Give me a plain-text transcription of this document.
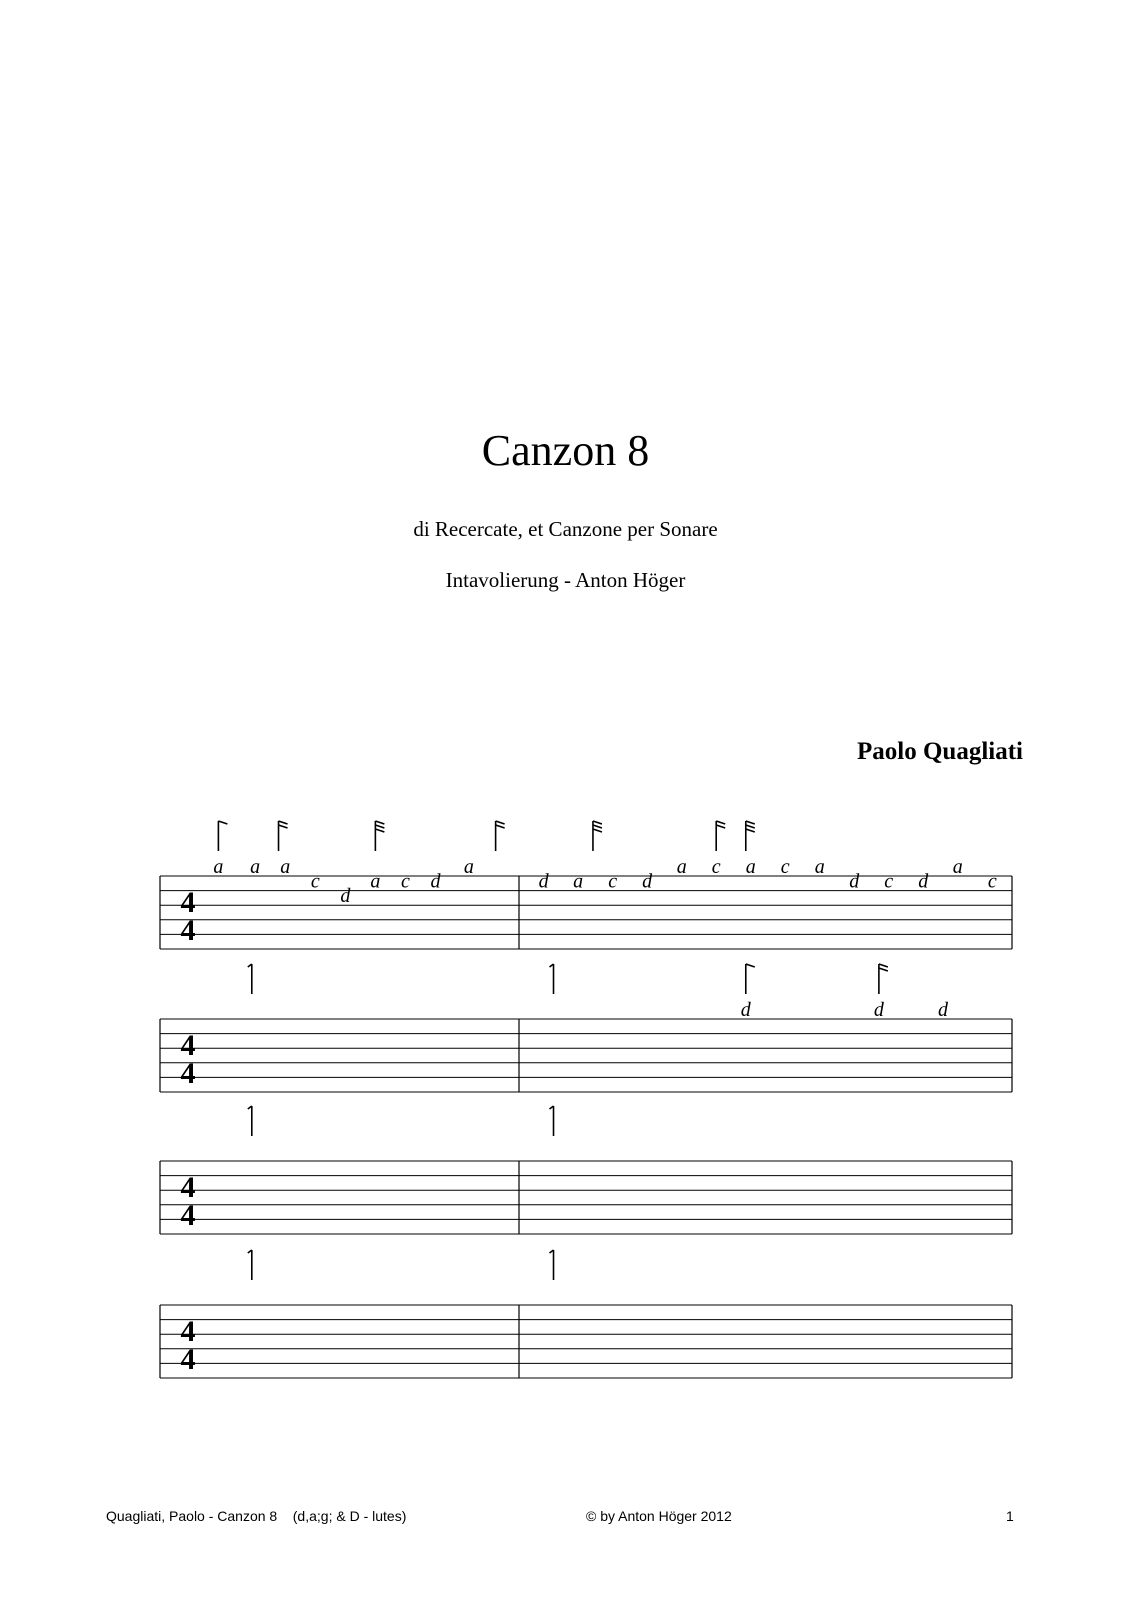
Canzon 8
di Recercate, et Canzone per Sonare
Intavolierung - Anton Höger
Paolo Quagliati
4
4
a a a
c
d
a c d
a
d a c d
a c a c a
d c d
a
c
4
4
d	d	d
4
4
4
4
Quagliati, Paolo - Canzon 8    (d,a;g; & D - lutes)	© by Anton Höger 2012	1
